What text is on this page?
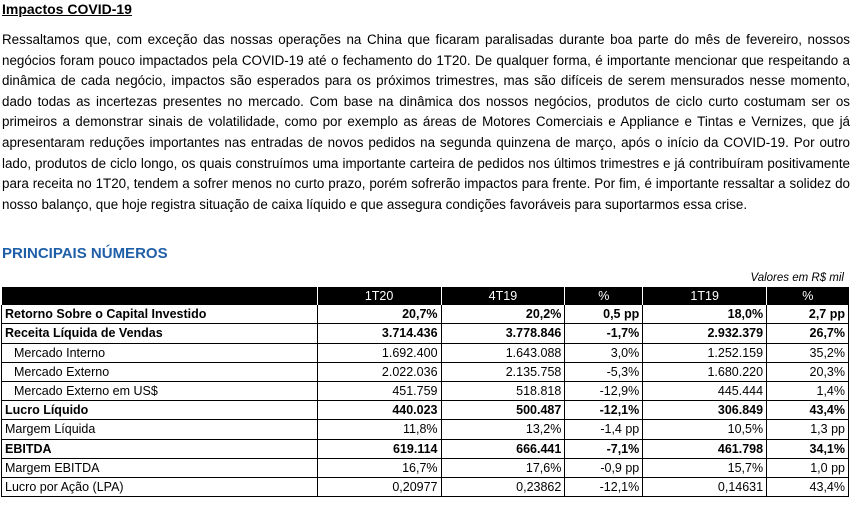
Impactos COVID-19

Ressaltamos que, com exceção das nossas operações na China que ficaram paralisadas durante boa parte do mês de fevereiro, nossos negócios foram pouco impactados pela COVID-19 até o fechamento do 1T20. De qualquer forma, é importante mencionar que respeitando a dinâmica de cada negócio, impactos são esperados para os próximos trimestres, mas são difíceis de serem mensurados nesse momento, dado todas as incertezas presentes no mercado. Com base na dinâmica dos nossos negócios, produtos de ciclo curto costumam ser os primeiros a demonstrar sinais de volatilidade, como por exemplo as áreas de Motores Comerciais e Appliance e Tintas e Vernizes, que já apresentaram reduções importantes nas entradas de novos pedidos na segunda quinzena de março, após o início da COVID-19. Por outro lado, produtos de ciclo longo, os quais construímos uma importante carteira de pedidos nos últimos trimestres e já contribuíram positivamente para receita no 1T20, tendem a sofrer menos no curto prazo, porém sofrerão impactos para frente. Por fim, é importante ressaltar a solidez do nosso balanço, que hoje registra situação de caixa líquido e que assegura condições favoráveis para suportarmos essa crise.

PRINCIPAIS NÚMEROS
Valores em R$ mil
	1T20	4T19	%	1T19	%
Retorno Sobre o Capital Investido	20,7%	20,2%	0,5 pp	18,0%	2,7 pp
Receita Líquida de Vendas	3.714.436	3.778.846	-1,7%	2.932.379	26,7%
Mercado Interno	1.692.400	1.643.088	3,0%	1.252.159	35,2%
Mercado Externo	2.022.036	2.135.758	-5,3%	1.680.220	20,3%
Mercado Externo em US$	451.759	518.818	-12,9%	445.444	1,4%
Lucro Líquido	440.023	500.487	-12,1%	306.849	43,4%
Margem Líquida	11,8%	13,2%	-1,4 pp	10,5%	1,3 pp
EBITDA	619.114	666.441	-7,1%	461.798	34,1%
Margem EBITDA	16,7%	17,6%	-0,9 pp	15,7%	1,0 pp
Lucro por Ação (LPA)	0,20977	0,23862	-12,1%	0,14631	43,4%
